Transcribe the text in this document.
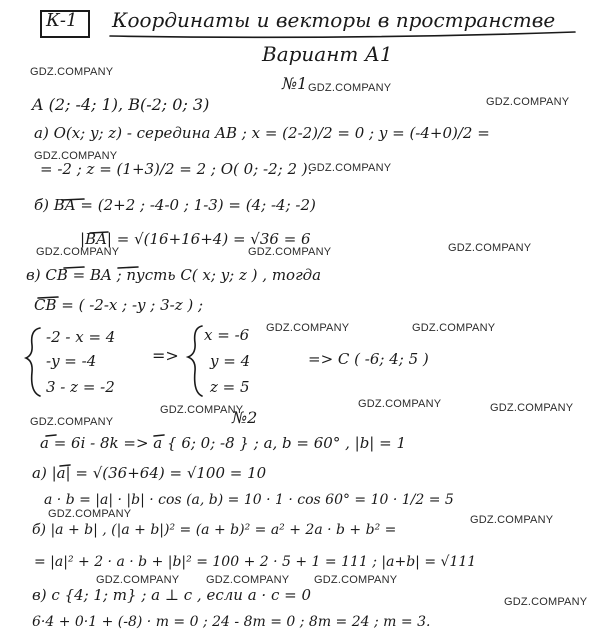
К-1 Координаты и векторы в пространстве
Вариант А1
№1
A (2; -4; 1), B(-2; 0; 3)
а) O(x; y; z) - середина AB ; x = (2-2)/2 = 0 ; y = (-4+0)/2 =
= -2 ; z = (1+3)/2 = 2 ; O( 0; -2; 2 ).
б) BA = (2+2 ; -4-0 ; 1-3) = (4; -4; -2)
|BA| = √(16+16+4) = √36 = 6
в) CB = BA ; пусть C( x; y; z ) , тогда
CB = ( -2-x ; -y ; 3-z ) ;
-2 - x = 4
-y = -4
3 - z = -2
=>
x = -6
y = 4
z = 5
=> C ( -6; 4; 5 )
№2
a = 6i - 8k => a { 6; 0; -8 } ; a, b = 60° , |b| = 1
а) |a| = √(36+64) = √100 = 10
a · b = |a| · |b| · cos (a, b) = 10 · 1 · cos 60° = 10 · 1/2 = 5
б) |a + b| , (|a + b|)² = (a + b)² = a² + 2a · b + b² =
= |a|² + 2 · a · b + |b|² = 100 + 2 · 5 + 1 = 111 ; |a+b| = √111
в) c {4; 1; m} ; a ⊥ c , если a · c = 0
6·4 + 0·1 + (-8) · m = 0 ; 24 - 8m = 0 ; 8m = 24 ; m = 3.
GDZ.COMPANY
GDZ.COMPANY
GDZ.COMPANY
GDZ.COMPANY
GDZ.COMPANY
GDZ.COMPANY	GDZ.COMPANY	GDZ.COMPANY
GDZ.COMPANY	GDZ.COMPANY
GDZ.COMPANY
GDZ.COMPANY	GDZ.COMPANY	GDZ.COMPANY
GDZ.COMPANY	GDZ.COMPANY
GDZ.COMPANY GDZ.COMPANY GDZ.COMPANY
GDZ.COMPANY
